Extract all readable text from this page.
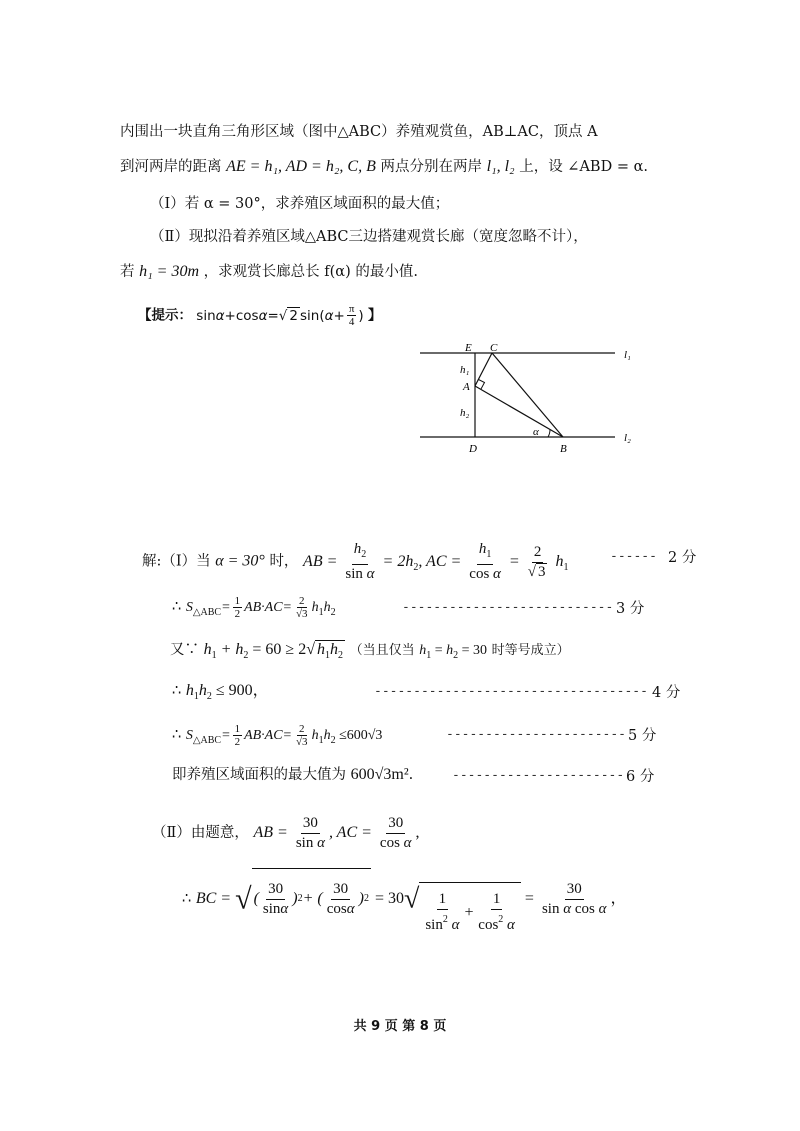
内围出一块直角三角形区域（图中△ABC）养殖观赏鱼，AB⊥AC，顶点 A
到河两岸的距离 AE = h₁, AD = h₂, C, B 两点分别在两岸 l₁, l₂ 上，设 ∠ABD = α.
（Ⅰ）若 α = 30°，求养殖区域面积的最大值；
（Ⅱ）现拟沿着养殖区域△ABC三边搭建观赏长廊（宽度忽略不计），
若 h₁ = 30m ，求观赏长廊总长 f(α) 的最小值.
【提示： sinα+cosα=√ 2 $\sin(\alpha+ \frac{\pi}{4}$ ) 】
E C
l₁
h₁
A
h₂
α	l₂
D	B
解:（Ⅰ）当 α = 30° 时， AB = $\frac{h_2}{\text{sin α}} = 2h_2$, AC = $\frac{h_1}{\text{cos α}} = \frac{2}{√ 3} h_1$
------ 2 分
∴ $S_{\triangle ABC}= \frac{1}{2} AB\cdot AC= \frac{2}{√3} h_1h_2$	--------------------------- 3 分
又∵ $h_1 + h_2 = 60 \ge 2√$ $h_1h_2$ （当且仅当 $h_1 = h_2 = 30$ 时等号成立）
∴ $h_1h_2 \le 900$，	----------------------------------- 4 分
∴ $S_{\triangle ABC}= \frac{1}{2} AB\cdot AC= \frac{2}{√3} h_1h_2 \le 600√3$	----------------------- 5 分
即养殖区域面积的最大值为 600√3m².	---------------------- 6 分
（Ⅱ）由题意， AB = $\frac{30}{\text{sin α}}$ , AC = $\frac{30}{\text{cos α}}$ ,
∴ BC = √( $\frac{30}{\sin\alpha}$ ) 2 + ( $\frac{30}{\cos\alpha}$ ) $2 = 30√ \frac{1}{\sin^2 \alpha} + \frac{1}{\cos^2 \alpha} = \frac{30}{\text{sin α cos α}}$ ，
共 9 页 第 8 页
